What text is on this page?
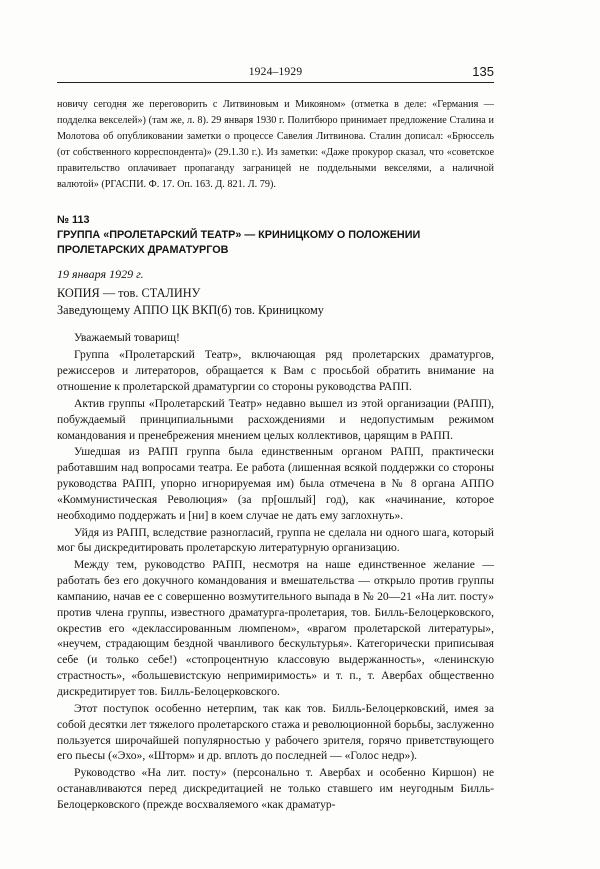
1924–1929	135

новичу сегодня же переговорить с Литвиновым и Микояном» (отметка в деле: «Германия — подделка векселей») (там же, л. 8). 29 января 1930 г. Политбюро принимает предложение Сталина и Молотова об опубликовании заметки о процессе Савелия Литвинова. Сталин дописал: «Брюссель (от собственного корреспондента)» (29.1.30 г.). Из заметки: «Даже прокурор сказал, что «советское правительство оплачивает пропаганду заграницей не поддельными векселями, а наличной валютой» (РГАСПИ. Ф. 17. Оп. 163. Д. 821. Л. 79).

№ 113
ГРУППА «ПРОЛЕТАРСКИЙ ТЕАТР» — КРИНИЦКОМУ О ПОЛОЖЕНИИ ПРОЛЕТАРСКИХ ДРАМАТУРГОВ
19 января 1929 г.
КОПИЯ — тов. СТАЛИНУ
Заведующему АППО ЦК ВКП(б) тов. Криницкому

Уважаемый товарищ!

Группа «Пролетарский Театр», включающая ряд пролетарских драматургов, режиссеров и литераторов, обращается к Вам с просьбой обратить внимание на отношение к пролетарской драматургии со стороны руководства РАПП.

Актив группы «Пролетарский Театр» недавно вышел из этой организации (РАПП), побуждаемый принципиальными расхождениями и недопустимым режимом командования и пренебрежения мнением целых коллективов, царящим в РАПП.

Ушедшая из РАПП группа была единственным органом РАПП, практически работавшим над вопросами театра. Ее работа (лишенная всякой поддержки со стороны руководства РАПП, упорно игнорируемая им) была отмечена в № 8 органа АППО «Коммунистическая Революция» (за пр[ошлый] год), как «начинание, которое необходимо поддержать и [ни] в коем случае не дать ему заглохнуть».

Уйдя из РАПП, вследствие разногласий, группа не сделала ни одного шага, который мог бы дискредитировать пролетарскую литературную организацию.

Между тем, руководство РАПП, несмотря на наше единственное желание — работать без его докучного командования и вмешательства — открыло против группы кампанию, начав ее с совершенно возмутительного выпада в № 20—21 «На лит. посту» против члена группы, известного драматурга-пролетария, тов. Билль-Белоцерковского, окрестив его «деклассированным люмпеном», «врагом пролетарской литературы», «неучем, страдающим бездной чванливого бескультурья». Категорически приписывая себе (и только себе!) «стопроцентную классовую выдержанность», «ленинскую страстность», «большевистскую непримиримость» и т. п., т. Авербах общественно дискредитирует тов. Билль-Белоцерковского.

Этот поступок особенно нетерпим, так как тов. Билль-Белоцерковский, имея за собой десятки лет тяжелого пролетарского стажа и революционной борьбы, заслуженно пользуется широчайшей популярностью у рабочего зрителя, горячо приветствующего его пьесы («Эхо», «Шторм» и др. вплоть до последней — «Голос недр»).

Руководство «На лит. посту» (персонально т. Авербах и особенно Киршон) не останавливаются перед дискредитацией не только ставшего им неугодным Билль-Белоцерковского (прежде восхваляемого «как драматур-
